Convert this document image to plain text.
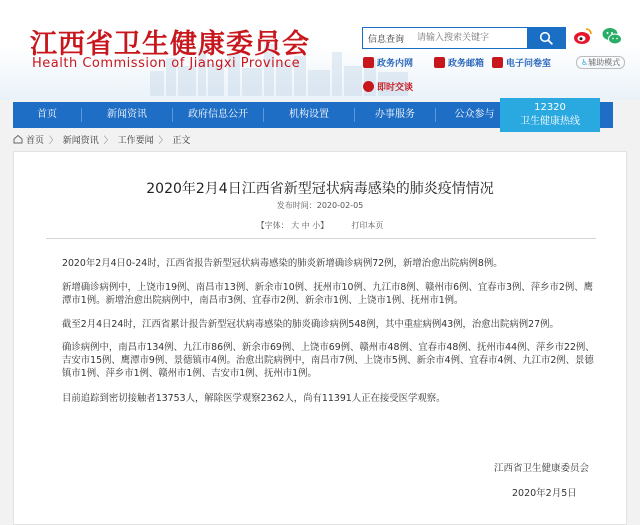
江西省卫生健康委员会
Health Commission of Jiangxi Province
信息查询
请输入搜索关键字
政务内网	政务邮箱	电子问卷室	♿辅助模式
即时交谈
首页	新闻资讯	政府信息公开	机构设置	办事服务	公众参与
12320
卫生健康热线
首页 〉 新闻资讯 〉 工作要闻 〉 正文
2020年2月4日江西省新型冠状病毒感染的肺炎疫情情况
发布时间：2020-02-05
【字体： 大 中 小】	打印本页
2020年2月4日0-24时，江西省报告新型冠状病毒感染的肺炎新增确诊病例72例，新增治愈出院病例8例。
新增确诊病例中，上饶市19例、南昌市13例、新余市10例、抚州市10例、九江市8例、赣州市6例、宜春市3例、萍乡市2例、鹰潭市1例。新增治愈出院病例中，南昌市3例、宜春市2例、新余市1例、上饶市1例、抚州市1例。
截至2月4日24时，江西省累计报告新型冠状病毒感染的肺炎确诊病例548例，其中重症病例43例，治愈出院病例27例。
确诊病例中，南昌市134例、九江市86例、新余市69例、上饶市69例、赣州市48例、宜春市48例、抚州市44例、萍乡市22例、吉安市15例、鹰潭市9例、景德镇市4例。治愈出院病例中，南昌市7例、上饶市5例、新余市4例、宜春市4例、九江市2例、景德镇市1例、萍乡市1例、赣州市1例、吉安市1例、抚州市1例。
目前追踪到密切接触者13753人，解除医学观察2362人，尚有11391人正在接受医学观察。
江西省卫生健康委员会
2020年2月5日
